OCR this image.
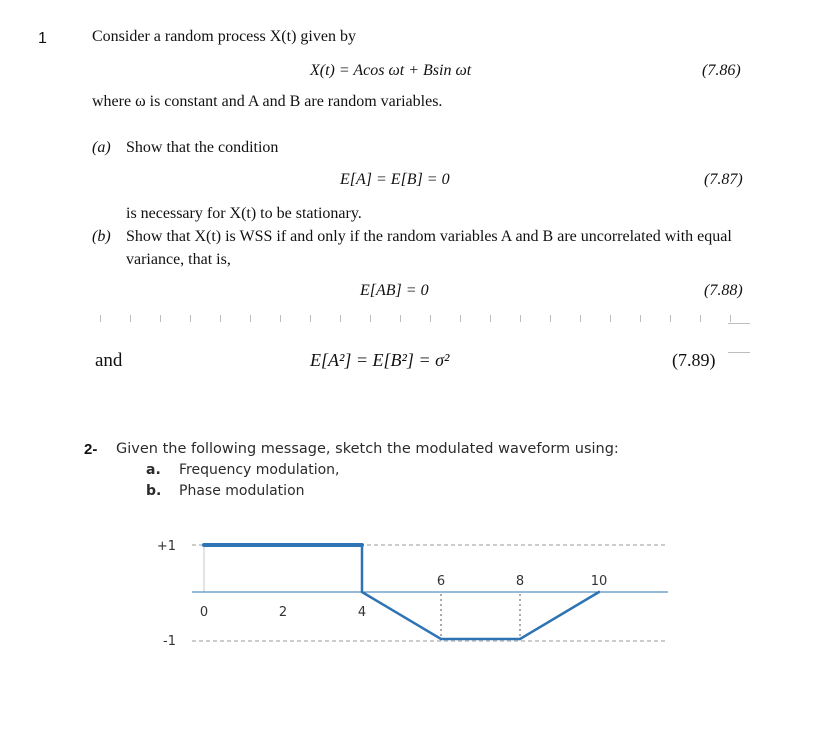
1	Consider a random process X(t) given by
X(t) = Acos ωt + Bsin ωt	(7.86)
where ω is constant and A and B are random variables.
(a) Show that the condition
E[A] = E[B] = 0	(7.87)
is necessary for X(t) to be stationary.
(b) Show that X(t) is WSS if and only if the random variables A and B are uncorrelated with equal
variance, that is,
E[AB] = 0	(7.88)
and	E[A²] = E[B²] = σ²	(7.89)
2- Given the following message, sketch the modulated waveform using:
a. Frequency modulation,
b. Phase modulation
+1
-1
0	2	4
6	8	10
